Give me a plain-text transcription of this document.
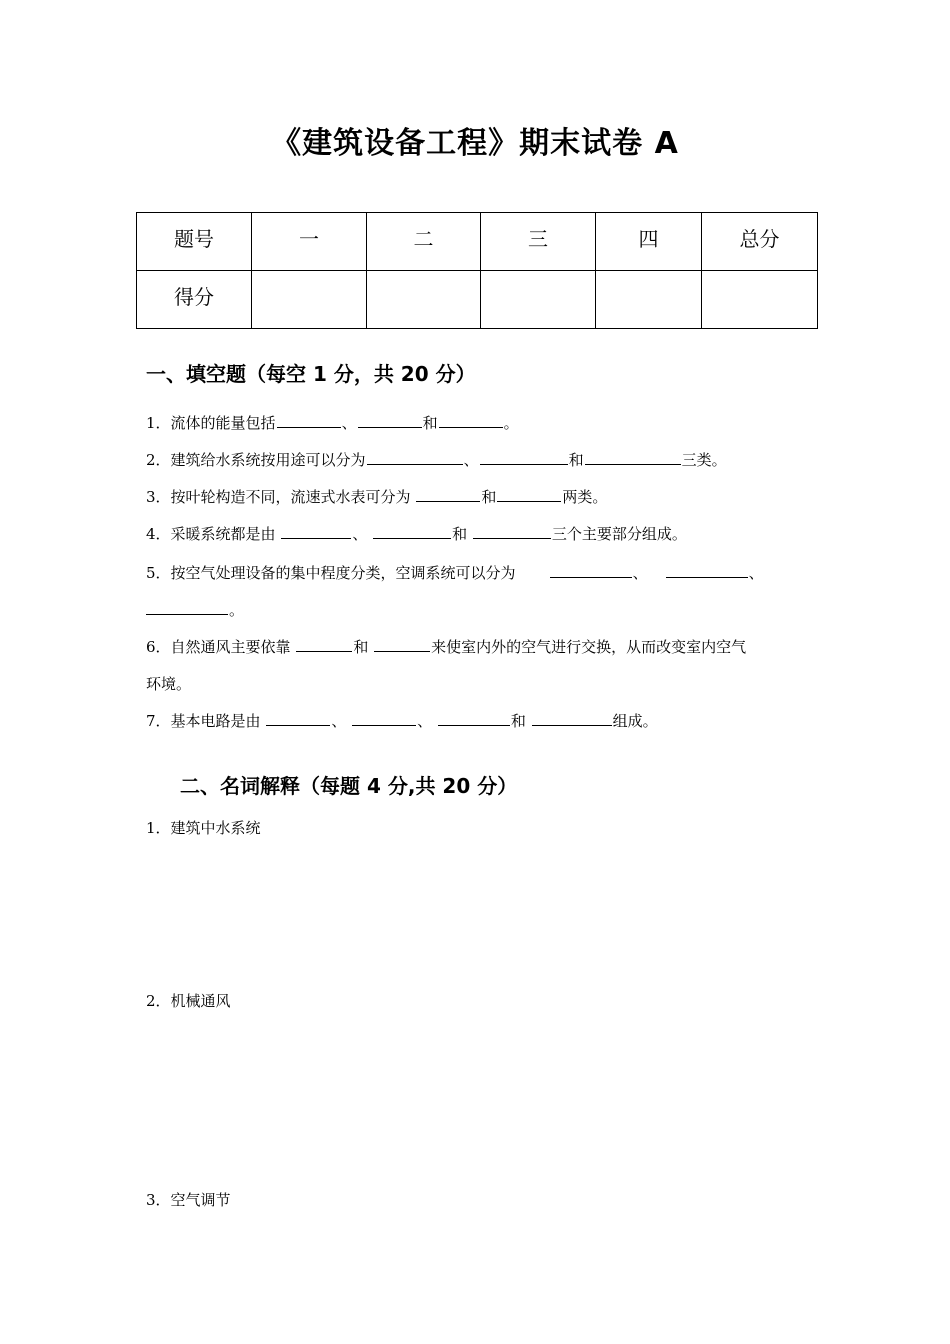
《建筑设备工程》期末试卷 A
题号	一	二	三	四	总分
得分					
一、填空题（每空 1 分，共 20 分）
1．流体的能量包括	、	和	。
2．建筑给水系统按用途可以分为	、	和	三类。
3．按叶轮构造不同，流速式水表可分为	和	两类。
4．采暖系统都是由	、	和	三个主要部分组成。
5．按空气处理设备的集中程度分类，空调系统可以分为	、	、
。
6．自然通风主要依靠	和	来使室内外的空气进行交换，从而改变室内空气
环境。
7．基本电路是由	、	、	和	组成。
二、名词解释（每题 4 分,共 20 分）
1．建筑中水系统
2．机械通风
3．空气调节
